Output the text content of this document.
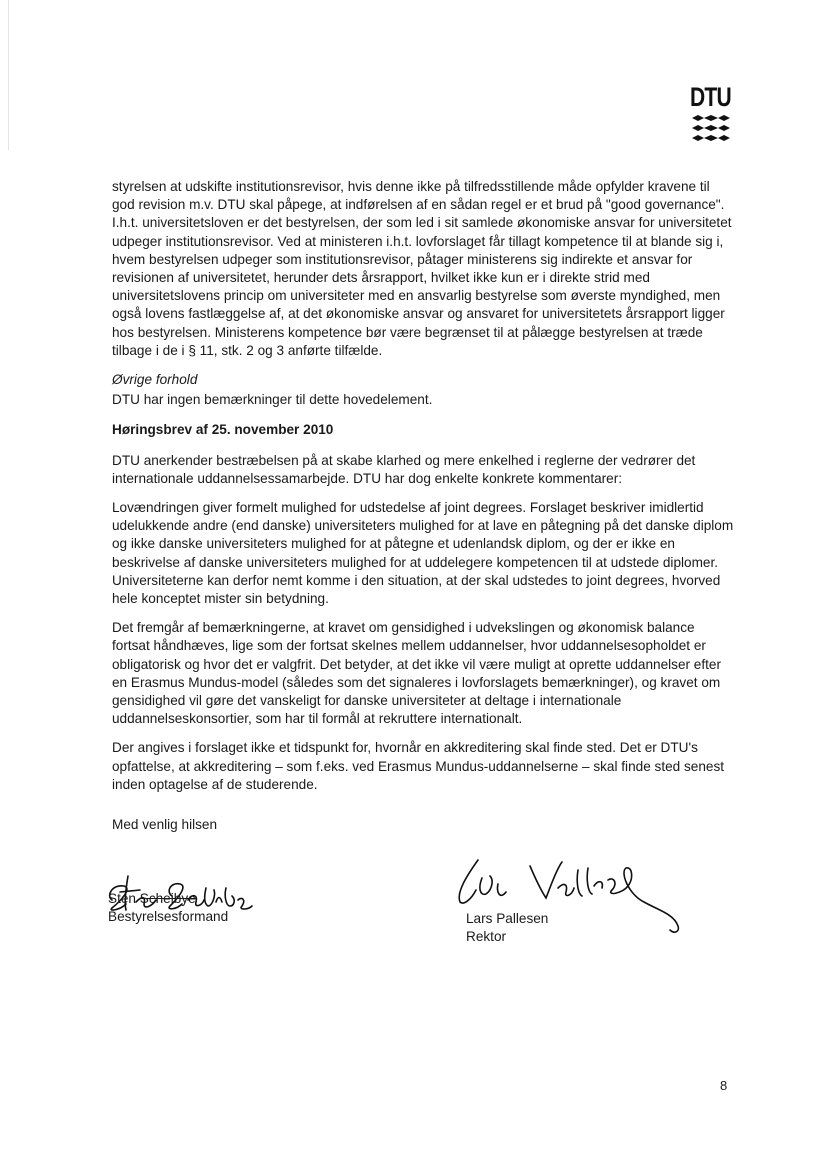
DTU

styrelsen at udskifte institutionsrevisor, hvis denne ikke på tilfredsstillende måde opfylder kravene til god revision m.v. DTU skal påpege, at indførelsen af en sådan regel er et brud på "good governance". I.h.t. universitetsloven er det bestyrelsen, der som led i sit samlede økonomiske ansvar for universitetet udpeger institutionsrevisor. Ved at ministeren i.h.t. lovforslaget får tillagt kompetence til at blande sig i, hvem bestyrelsen udpeger som institutionsrevisor, påtager ministerens sig indirekte et ansvar for revisionen af universitetet, herunder dets årsrapport, hvilket ikke kun er i direkte strid med universitetslovens princip om universiteter med en ansvarlig bestyrelse som øverste myndighed, men også lovens fastlæggelse af, at det økonomiske ansvar og ansvaret for universitetets årsrapport ligger hos bestyrelsen. Ministerens kompetence bør være begrænset til at pålægge bestyrelsen at træde tilbage i de i § 11, stk. 2 og 3 anførte tilfælde.

Øvrige forhold

DTU har ingen bemærkninger til dette hovedelement.

Høringsbrev af 25. november 2010

DTU anerkender bestræbelsen på at skabe klarhed og mere enkelhed i reglerne der vedrører det internationale uddannelsessamarbejde. DTU har dog enkelte konkrete kommentarer:

Lovændringen giver formelt mulighed for udstedelse af joint degrees. Forslaget beskriver imidlertid udelukkende andre (end danske) universiteters mulighed for at lave en påtegning på det danske diplom og ikke danske universiteters mulighed for at påtegne et udenlandsk diplom, og der er ikke en beskrivelse af danske universiteters mulighed for at uddelegere kompetencen til at udstede diplomer. Universiteterne kan derfor nemt komme i den situation, at der skal udstedes to joint degrees, hvorved hele konceptet mister sin betydning.

Det fremgår af bemærkningerne, at kravet om gensidighed i udvekslingen og økonomisk balance fortsat håndhæves, lige som der fortsat skelnes mellem uddannelser, hvor uddannelsesopholdet er obligatorisk og hvor det er valgfrit. Det betyder, at det ikke vil være muligt at oprette uddannelser efter en Erasmus Mundus-model (således som det signaleres i lovforslagets bemærkninger), og kravet om gensidighed vil gøre det vanskeligt for danske universiteter at deltage i internationale uddannelseskonsortier, som har til formål at rekruttere internationalt.

Der angives i forslaget ikke et tidspunkt for, hvornår en akkreditering skal finde sted. Det er DTU's opfattelse, at akkreditering – som f.eks. ved Erasmus Mundus-uddannelserne – skal finde sted senest inden optagelse af de studerende.

Med venlig hilsen

Sten Scheibye
Bestyrelsesformand	Lars Pallesen
Rektor
8
